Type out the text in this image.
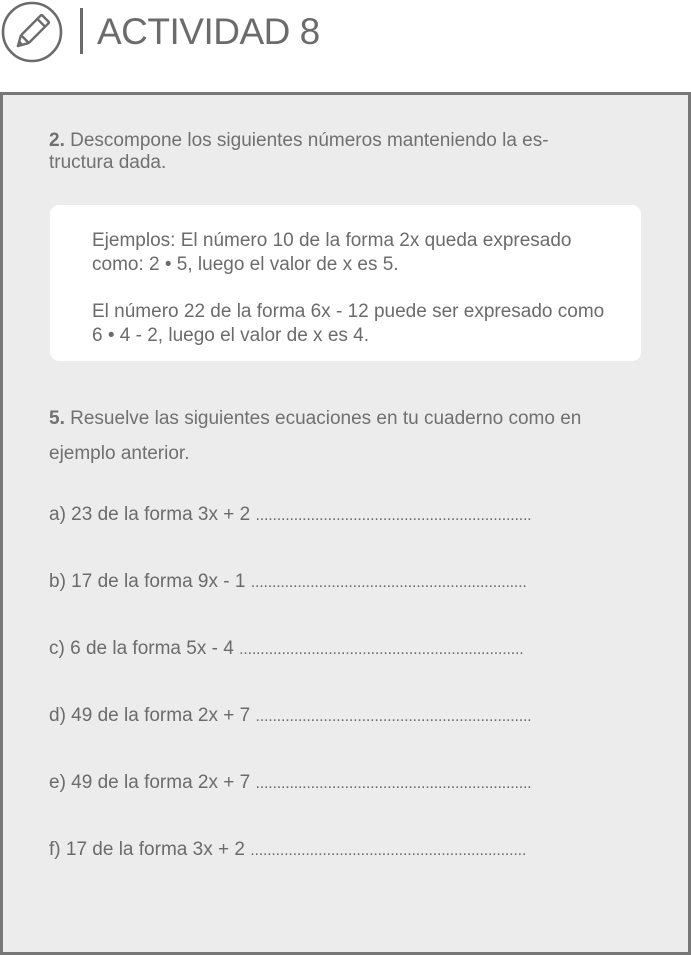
ACTIVIDAD 8
2. Descompone los siguientes números manteniendo la es-tructura dada.
Ejemplos: El número 10 de la forma 2x queda expresado como: 2 • 5, luego el valor de x es 5.
El número 22 de la forma 6x - 12 puede ser expresado como 6 • 4 - 2, luego el valor de x es 4.
5. Resuelve las siguientes ecuaciones en tu cuaderno como en ejemplo anterior.
a) 23 de la forma 3x + 2 .................................................................
b) 17 de la forma 9x - 1 .................................................................
c) 6 de la forma 5x - 4 ...................................................................
d) 49 de la forma 2x + 7 .................................................................
e) 49 de la forma 2x + 7 .................................................................
f) 17 de la forma 3x + 2 .................................................................
